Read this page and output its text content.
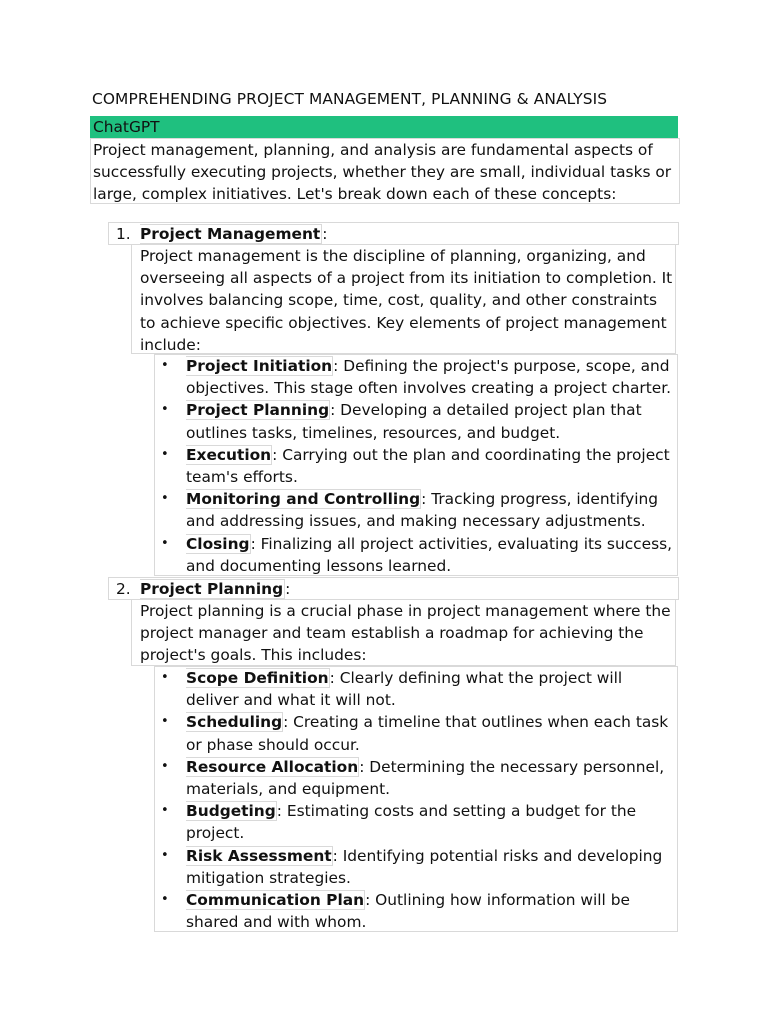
COMPREHENDING PROJECT MANAGEMENT, PLANNING & ANALYSIS
ChatGPT
Project management, planning, and analysis are fundamental aspects of successfully executing projects, whether they are small, individual tasks or large, complex initiatives. Let's break down each of these concepts:
1. Project Management :
Project management is the discipline of planning, organizing, and overseeing all aspects of a project from its initiation to completion. It involves balancing scope, time, cost, quality, and other constraints to achieve specific objectives. Key elements of project management include:
• Project Initiation: Defining the project's purpose, scope, and objectives. This stage often involves creating a project charter.
• Project Planning: Developing a detailed project plan that outlines tasks, timelines, resources, and budget.
• Execution: Carrying out the plan and coordinating the project team's efforts.
• Monitoring and Controlling: Tracking progress, identifying and addressing issues, and making necessary adjustments.
• Closing: Finalizing all project activities, evaluating its success, and documenting lessons learned.
2. Project Planning :
Project planning is a crucial phase in project management where the project manager and team establish a roadmap for achieving the project's goals. This includes:
• Scope Definition: Clearly defining what the project will deliver and what it will not.
• Scheduling: Creating a timeline that outlines when each task or phase should occur.
• Resource Allocation: Determining the necessary personnel, materials, and equipment.
• Budgeting: Estimating costs and setting a budget for the project.
• Risk Assessment: Identifying potential risks and developing mitigation strategies.
• Communication Plan: Outlining how information will be shared and with whom.
